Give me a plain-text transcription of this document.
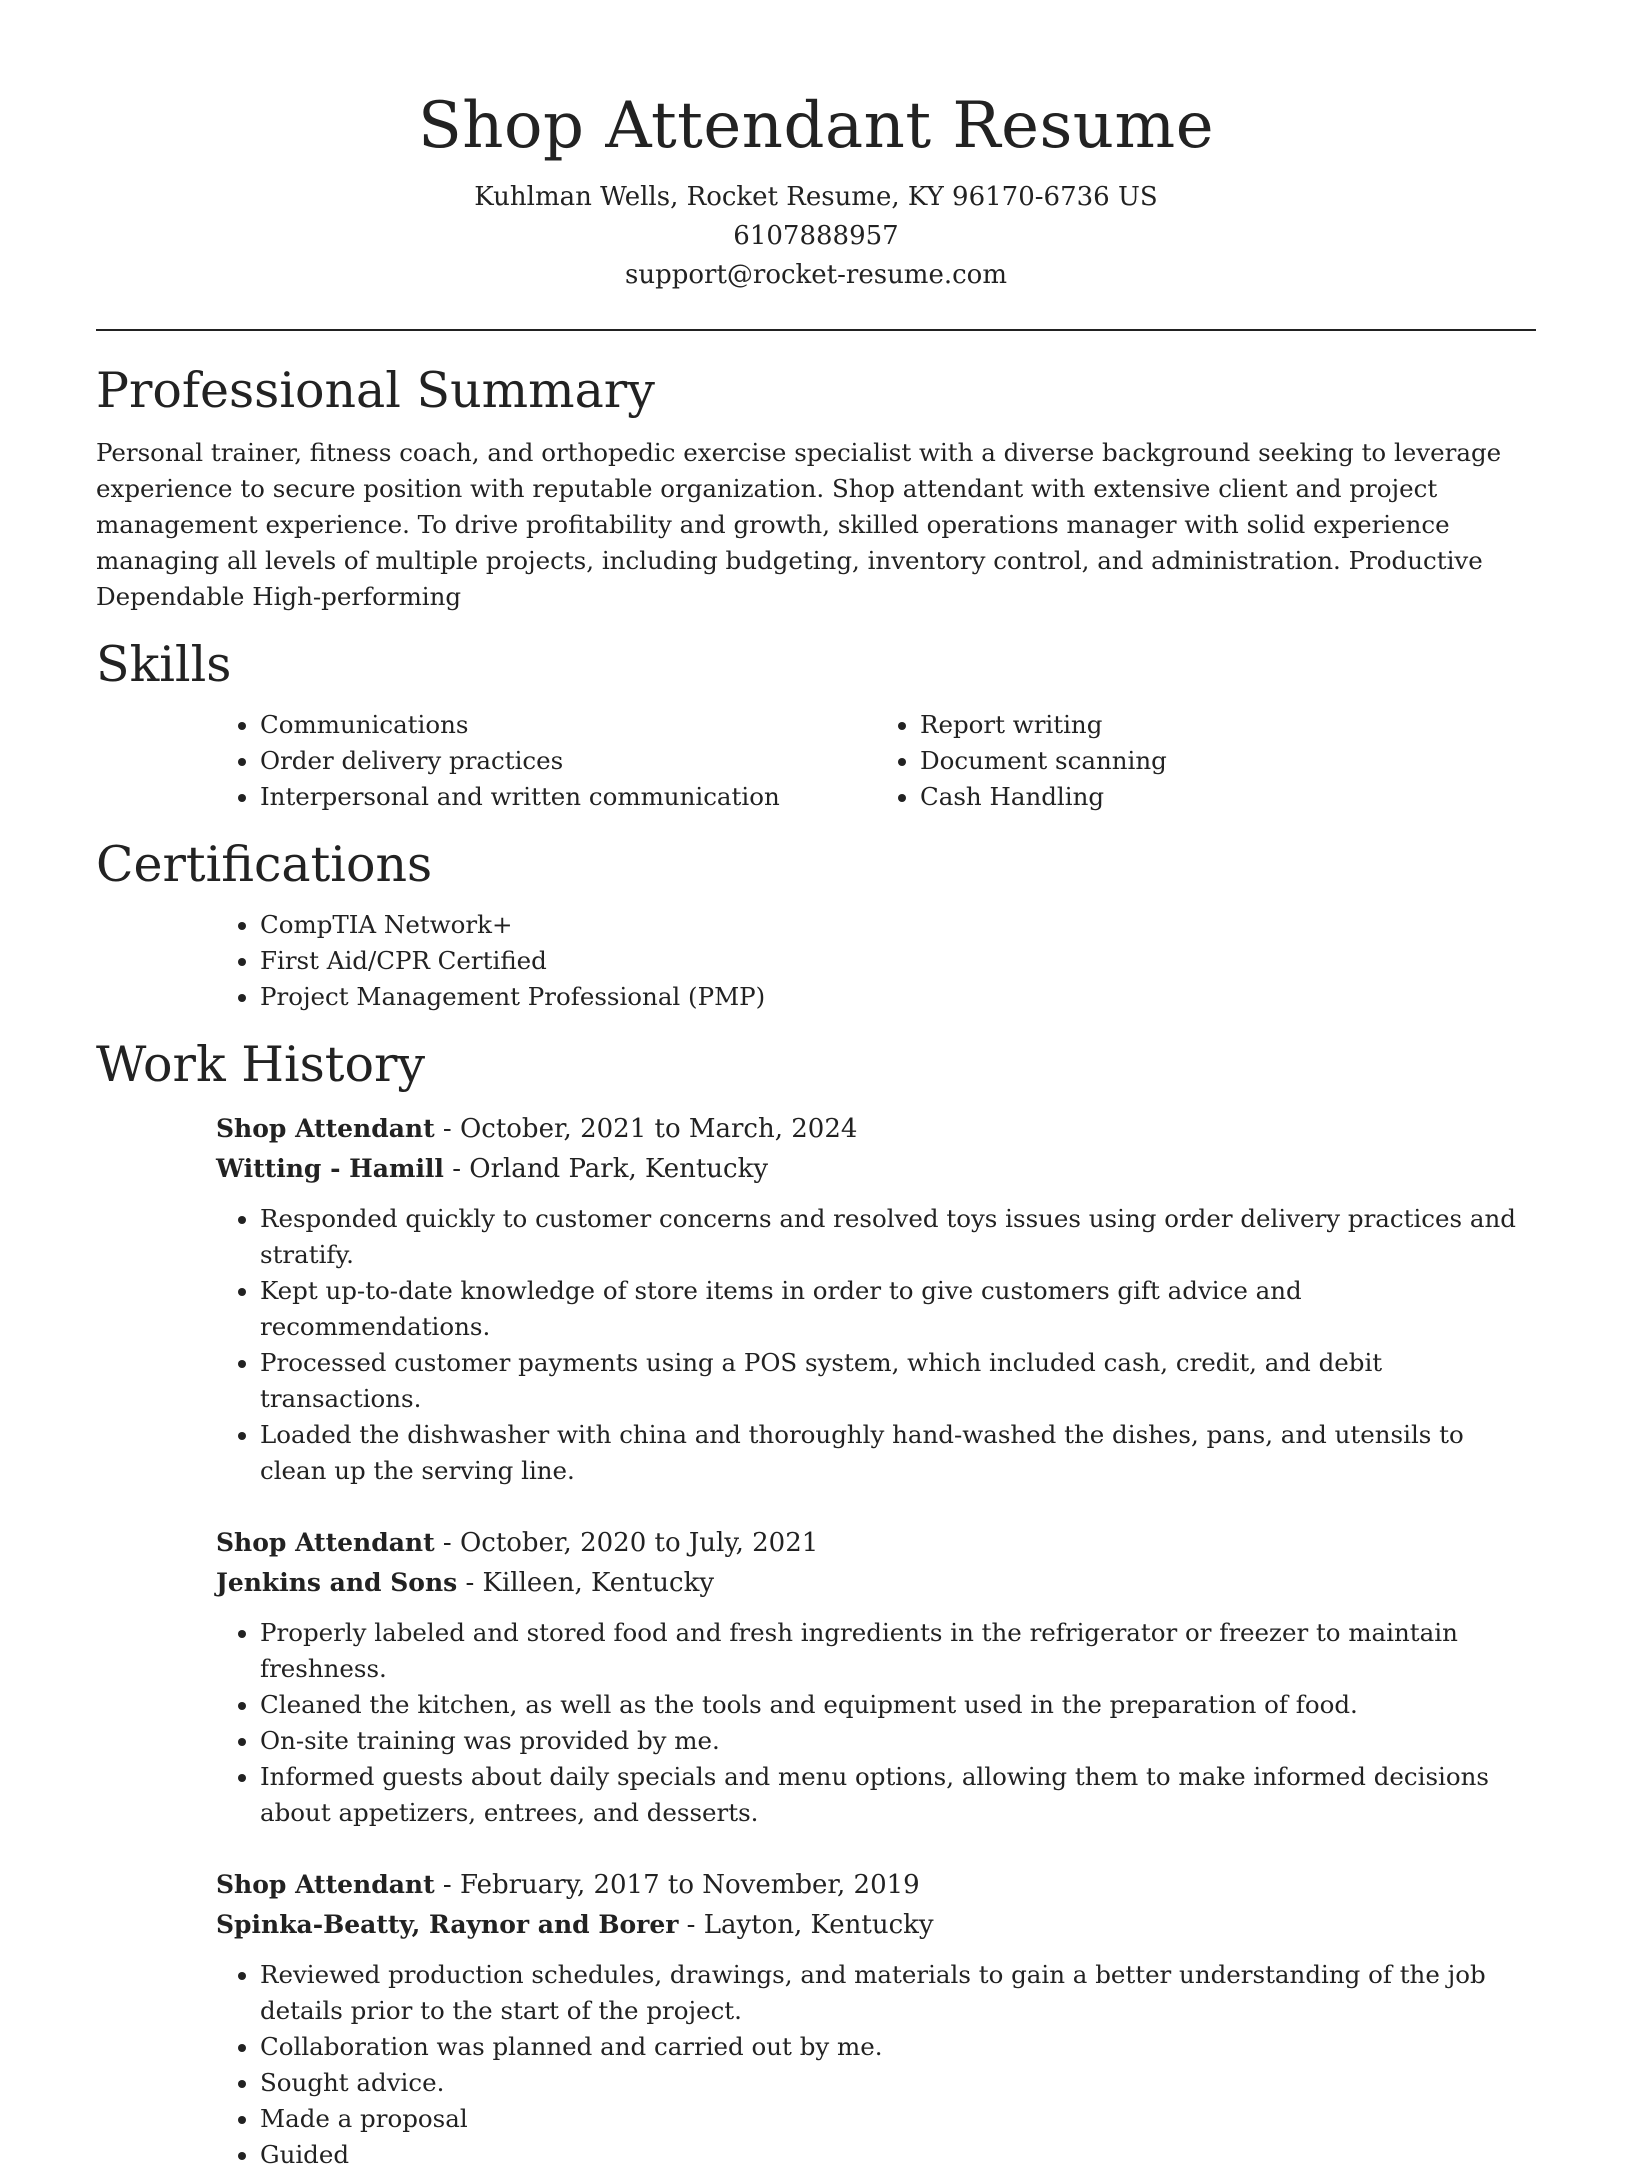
Shop Attendant Resume
Kuhlman Wells, Rocket Resume, KY 96170-6736 US
6107888957
support@rocket-resume.com
Professional Summary

Personal trainer, fitness coach, and orthopedic exercise specialist with a diverse background seeking to leverage experience to secure position with reputable organization. Shop attendant with extensive client and project management experience. To drive profitability and growth, skilled operations manager with solid experience managing all levels of multiple projects, including budgeting, inventory control, and administration. Productive Dependable High-performing

Skills
• Communications
• Order delivery practices
• Interpersonal and written communication
• Report writing
• Document scanning
• Cash Handling
Certifications
• CompTIA Network+
• First Aid/CPR Certified
• Project Management Professional (PMP)
Work History
Shop Attendant - October, 2021 to March, 2024
Witting - Hamill - Orland Park, Kentucky
• Responded quickly to customer concerns and resolved toys issues using order delivery practices and stratify.
• Kept up-to-date knowledge of store items in order to give customers gift advice and recommendations.
• Processed customer payments using a POS system, which included cash, credit, and debit transactions.
• Loaded the dishwasher with china and thoroughly hand-washed the dishes, pans, and utensils to clean up the serving line.
Shop Attendant - October, 2020 to July, 2021
Jenkins and Sons - Killeen, Kentucky
• Properly labeled and stored food and fresh ingredients in the refrigerator or freezer to maintain freshness.
• Cleaned the kitchen, as well as the tools and equipment used in the preparation of food.
• On-site training was provided by me.
• Informed guests about daily specials and menu options, allowing them to make informed decisions about appetizers, entrees, and desserts.
Shop Attendant - February, 2017 to November, 2019
Spinka-Beatty, Raynor and Borer - Layton, Kentucky
• Reviewed production schedules, drawings, and materials to gain a better understanding of the job details prior to the start of the project.
• Collaboration was planned and carried out by me.
• Sought advice.
• Made a proposal
• Guided
